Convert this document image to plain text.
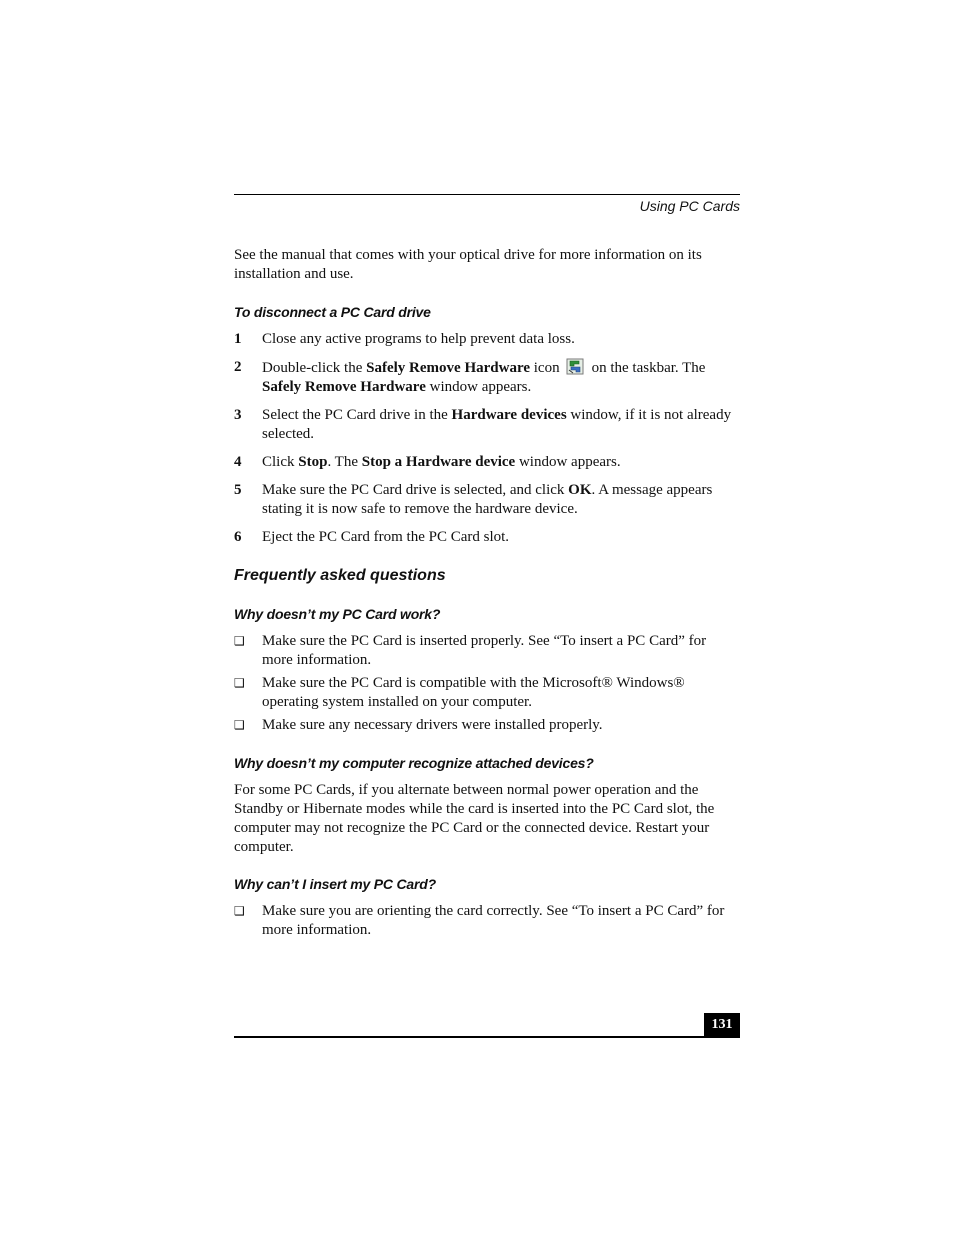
Using PC Cards

See the manual that comes with your optical drive for more information on its installation and use.

To disconnect a PC Card drive
1	Close any active programs to help prevent data loss.
2	Double-click the Safely Remove Hardware icon on the taskbar. The Safely Remove Hardware window appears.
3	Select the PC Card drive in the Hardware devices window, if it is not already selected.
4	Click Stop. The Stop a Hardware device window appears.
5	Make sure the PC Card drive is selected, and click OK. A message appears stating it is now safe to remove the hardware device.
6	Eject the PC Card from the PC Card slot.
Frequently asked questions
Why doesn’t my PC Card work?
❑	Make sure the PC Card is inserted properly. See “To insert a PC Card” for more information.
❑	Make sure the PC Card is compatible with the Microsoft® Windows® operating system installed on your computer.
❑	Make sure any necessary drivers were installed properly.
Why doesn’t my computer recognize attached devices?

For some PC Cards, if you alternate between normal power operation and the Standby or Hibernate modes while the card is inserted into the PC Card slot, the computer may not recognize the PC Card or the connected device. Restart your computer.

Why can’t I insert my PC Card?
❑	Make sure you are orienting the card correctly. See “To insert a PC Card” for more information.
131
